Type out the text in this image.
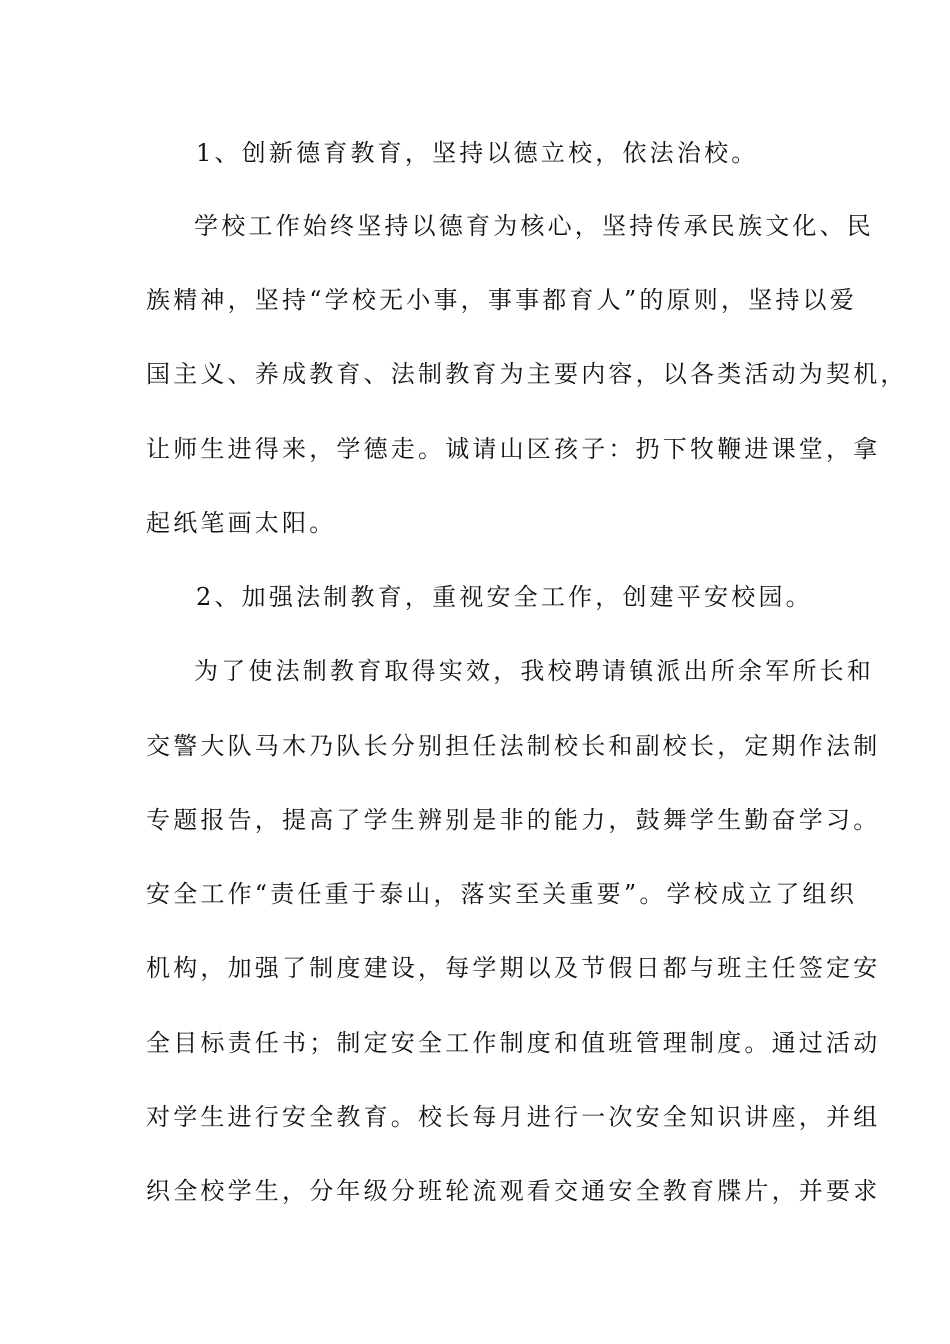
1、创新德育教育，坚持以德立校，依法治校。
学校工作始终坚持以德育为核心，坚持传承民族文化、民
族精神，坚持“学校无小事，事事都育人”的原则，坚持以爱
国主义、养成教育、法制教育为主要内容，以各类活动为契机，
让师生进得来，学德走。诚请山区孩子：扔下牧鞭进课堂，拿
起纸笔画太阳。
2、加强法制教育，重视安全工作，创建平安校园。
为了使法制教育取得实效，我校聘请镇派出所余军所长和
交警大队马木乃队长分别担任法制校长和副校长，定期作法制
专题报告，提高了学生辨别是非的能力，鼓舞学生勤奋学习。
安全工作“责任重于泰山，落实至关重要”。学校成立了组织
机构，加强了制度建设，每学期以及节假日都与班主任签定安
全目标责任书；制定安全工作制度和值班管理制度。通过活动
对学生进行安全教育。校长每月进行一次安全知识讲座，并组
织全校学生，分年级分班轮流观看交通安全教育牒片，并要求
